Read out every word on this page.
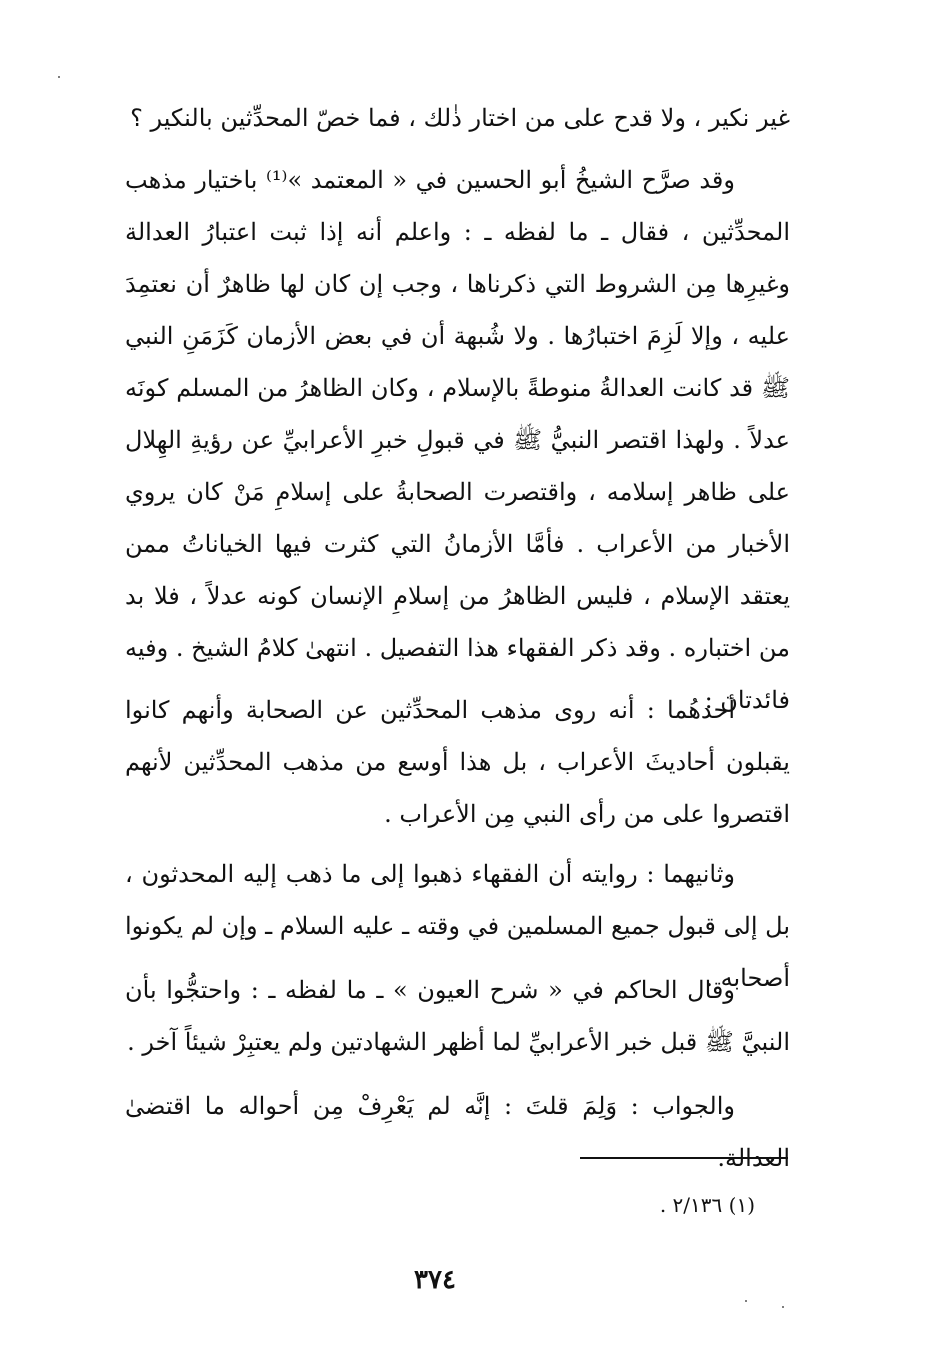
غير نكير ، ولا قدح على من اختار ذٰلك ، فما خصّ المحدِّثين بالنكير ؟

وقد صرَّح الشيخُ أبو الحسين في « المعتمد »⁽¹⁾ باختيار مذهب المحدِّثين ، فقال ـ ما لفظه ـ : واعلم أنه إذا ثبت اعتبارُ العدالة وغيرِها مِن الشروط التي ذكرناها ، وجب إن كان لها ظاهرٌ أن نعتمِدَ عليه ، وإلا لَزِمَ اختبارُها . ولا شُبهة أن في بعض الأزمان كَزَمَنِ النبي ﷺ قد كانت العدالةُ منوطةً بالإسلام ، وكان الظاهرُ من المسلم كونَه عدلاً . ولهذا اقتصر النبيُّ ﷺ في قبولِ خبرِ الأعرابيِّ عن رؤيةِ الهِلال على ظاهر إسلامه ، واقتصرت الصحابةُ على إسلامِ مَنْ كان يروي الأخبار من الأعراب . فأمَّا الأزمانُ التي كثرت فيها الخياناتُ ممن يعتقد الإسلام ، فليس الظاهرُ من إسلامِ الإنسان كونه عدلاً ، فلا بد من اختباره . وقد ذكر الفقهاء هذا التفصيل . انتهىٰ كلامُ الشيخ . وفيه فائدتان :

أحدهُما : أنه روى مذهب المحدِّثين عن الصحابة وأنهم كانوا يقبلون أحاديثَ الأعراب ، بل هذا أوسع من مذهب المحدِّثين لأنهم اقتصروا على من رأى النبي مِن الأعراب .

وثانيهما : روايته أن الفقهاء ذهبوا إلى ما ذهب إليه المحدثون ، بل إلى قبول جميع المسلمين في وقته ـ عليه السلام ـ وإن لم يكونوا أصحابه .

وقال الحاكم في « شرح العيون » ـ ما لفظه ـ : واحتجُّوا بأن النبيَّ ﷺ قبل خبر الأعرابيِّ لما أظهر الشهادتين ولم يعتبِرْ شيئاً آخر .

والجواب : وَلِمَ قلتَ : إنَّه لم يَعْرِفْ مِن أحواله ما اقتضىٰ العدالة.

(١) ٢/١٣٦ .
٣٧٤
